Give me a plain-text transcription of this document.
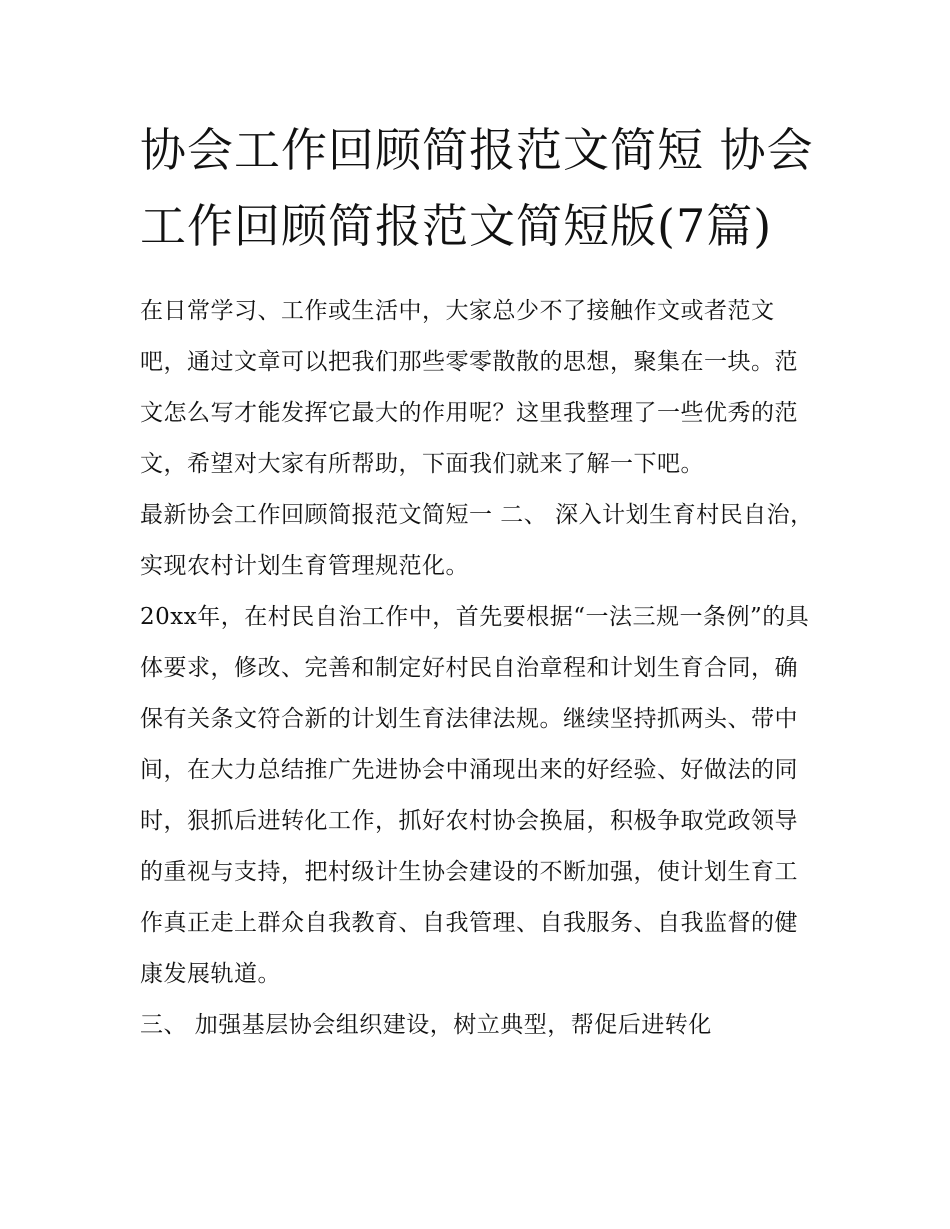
协会工作回顾简报范文简短 协会工作回顾简报范文简短版(7篇)

在日常学习、工作或生活中，大家总少不了接触作文或者范文吧，通过文章可以把我们那些零零散散的思想，聚集在一块。范文怎么写才能发挥它最大的作用呢？这里我整理了一些优秀的范文，希望对大家有所帮助，下面我们就来了解一下吧。

最新协会工作回顾简报范文简短一 二、 深入计划生育村民自治，实现农村计划生育管理规范化。

20xx年，在村民自治工作中，首先要根据“一法三规一条例”的具体要求，修改、完善和制定好村民自治章程和计划生育合同，确保有关条文符合新的计划生育法律法规。继续坚持抓两头、带中间，在大力总结推广先进协会中涌现出来的好经验、好做法的同时，狠抓后进转化工作，抓好农村协会换届，积极争取党政领导的重视与支持，把村级计生协会建设的不断加强，使计划生育工作真正走上群众自我教育、自我管理、自我服务、自我监督的健康发展轨道。

三、 加强基层协会组织建设，树立典型，帮促后进转化
